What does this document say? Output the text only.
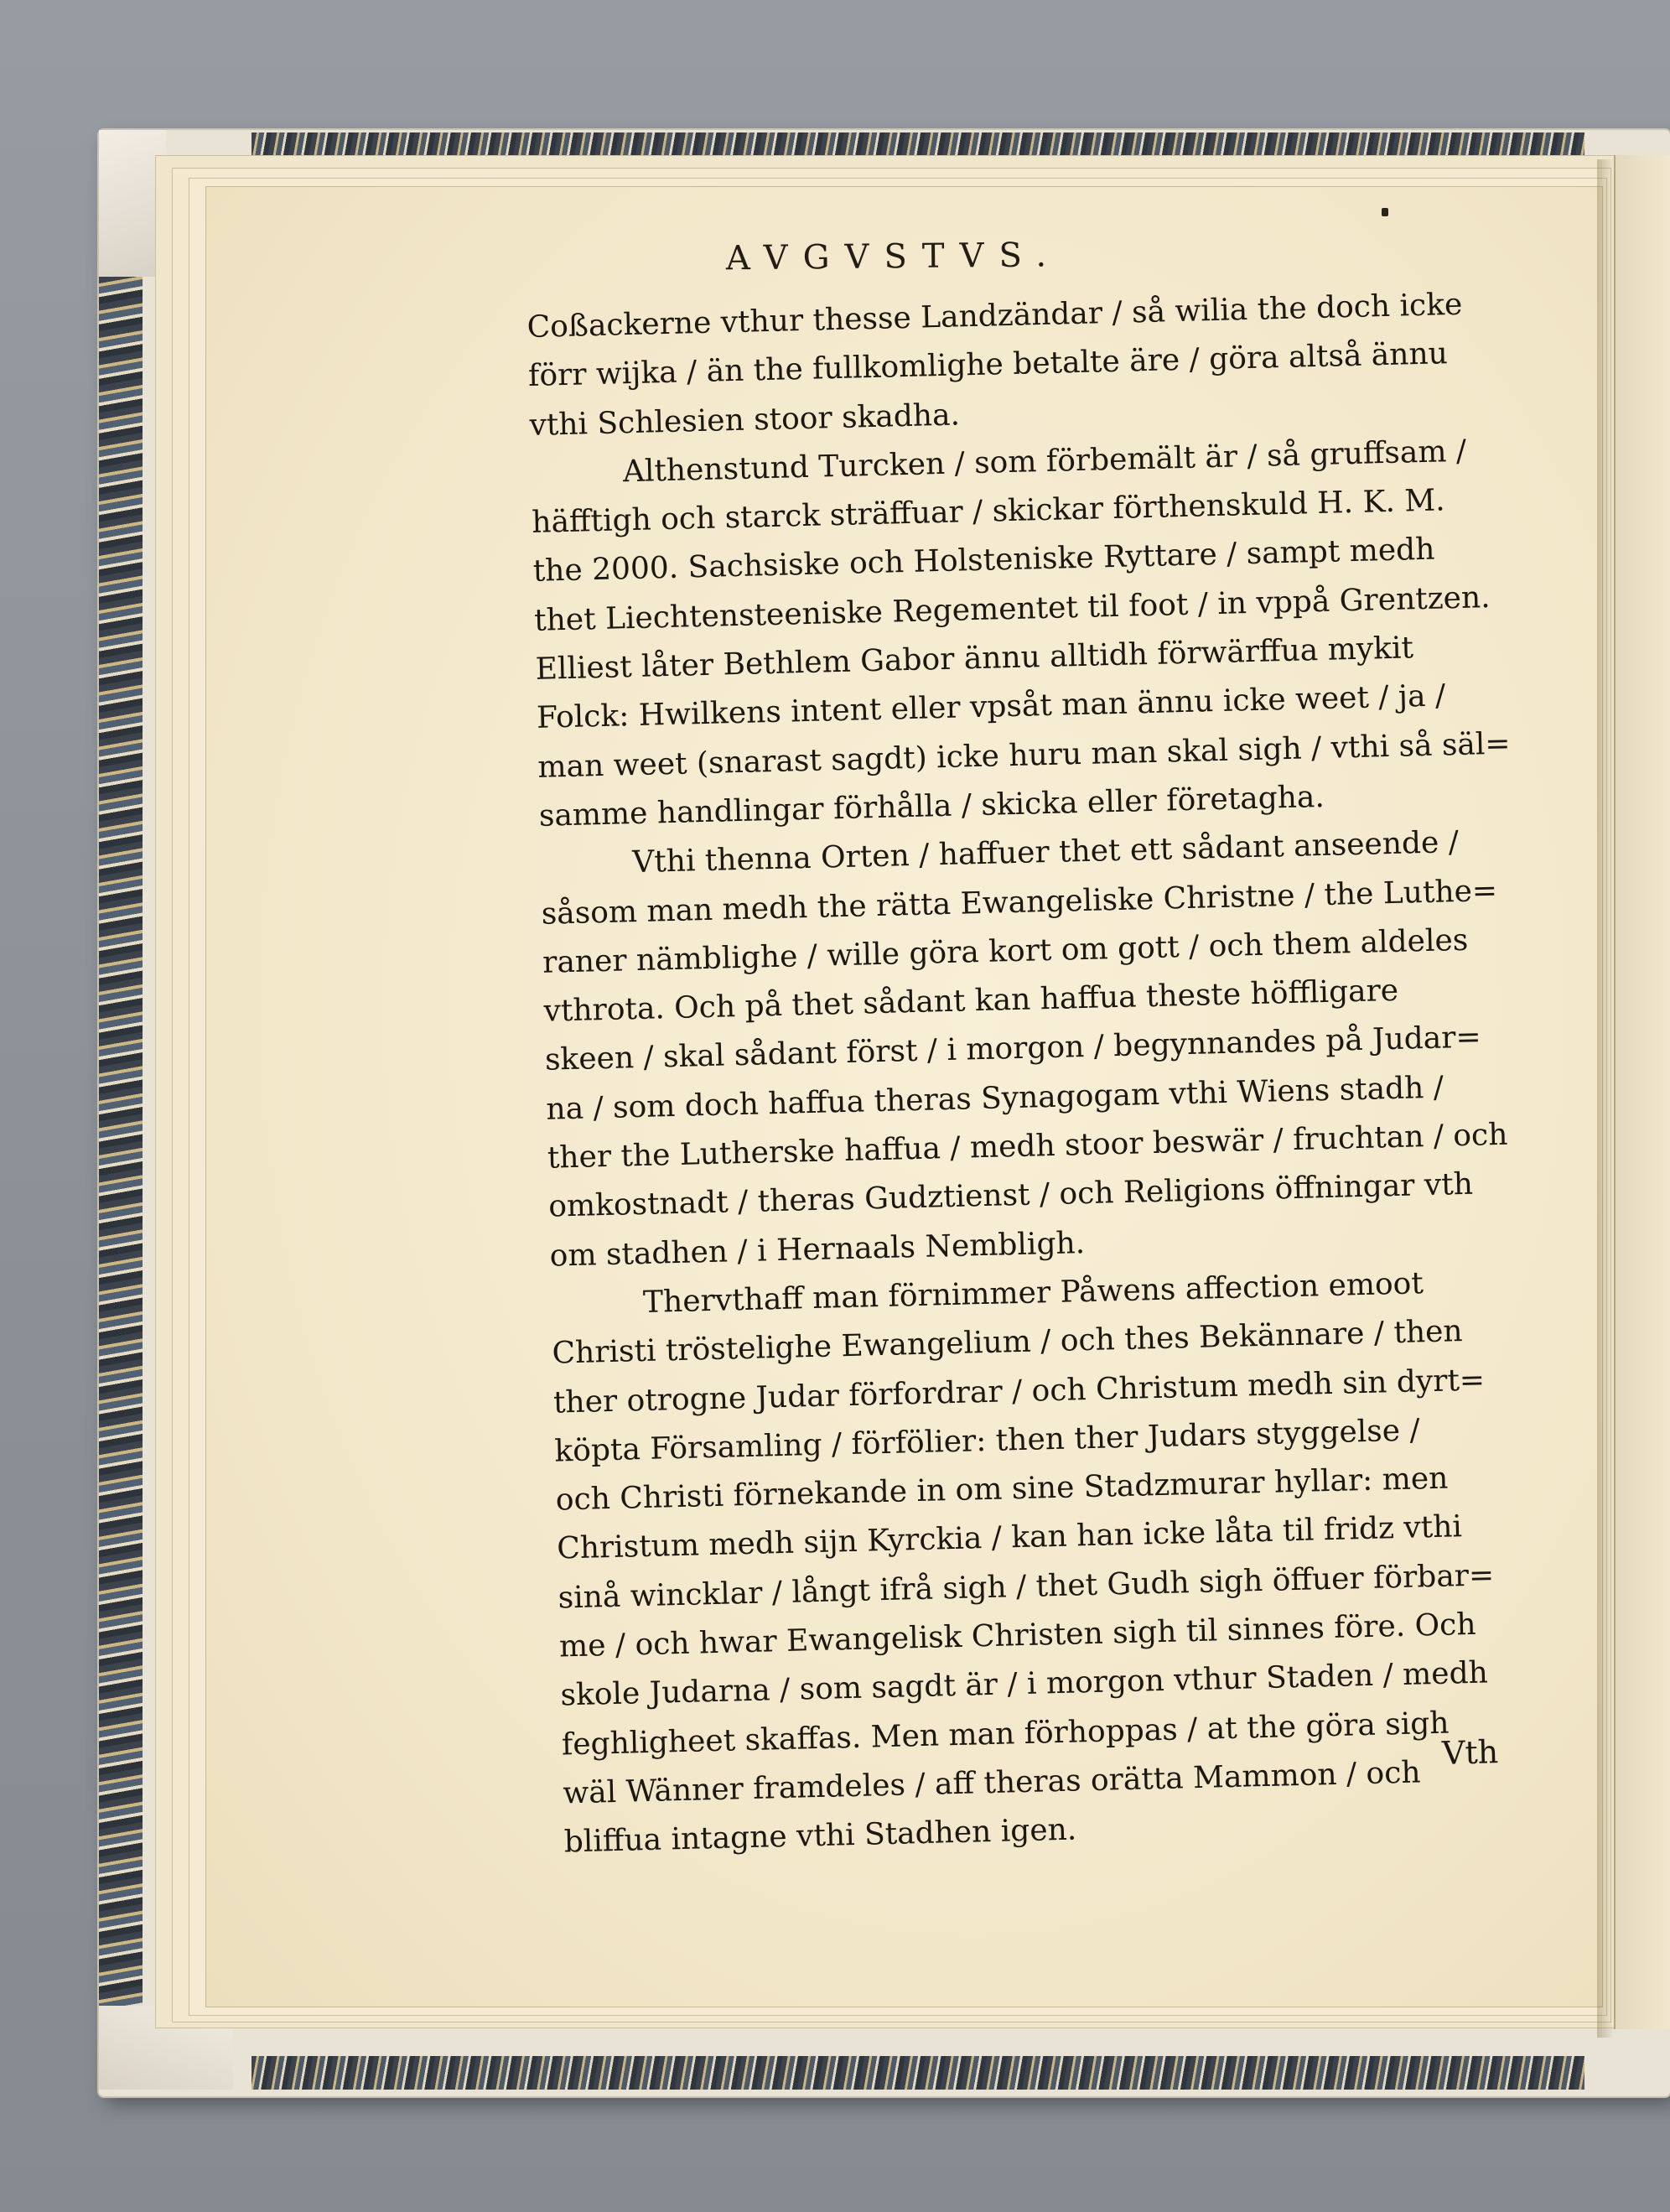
AVGVSTVS.
Coßackerne vthur thesse Landzändar / så wilia the doch icke
förr wijka / än the fullkomlighe betalte äre / göra altså ännu
vthi Schlesien stoor skadha.
Althenstund Turcken / som förbemält är / så gruffsam /
häfftigh och starck sträffuar / skickar förthenskuld H. K. M.
the 2000. Sachsiske och Holsteniske Ryttare / sampt medh
thet Liechtensteeniske Regementet til foot / in vppå Grentzen.
Elliest låter Bethlem Gabor ännu alltidh förwärffua mykit
Folck: Hwilkens intent eller vpsåt man ännu icke weet / ja /
man weet (snarast sagdt) icke huru man skal sigh / vthi så säl=
samme handlingar förhålla / skicka eller företagha.
Vthi thenna Orten / haffuer thet ett sådant anseende /
såsom man medh the rätta Ewangeliske Christne / the Luthe=
raner nämblighe / wille göra kort om gott / och them aldeles
vthrota. Och på thet sådant kan haffua theste höffligare
skeen / skal sådant först / i morgon / begynnandes på Judar=
na / som doch haffua theras Synagogam vthi Wiens stadh /
ther the Lutherske haffua / medh stoor beswär / fruchtan / och
omkostnadt / theras Gudztienst / och Religions öffningar vth
om stadhen / i Hernaals Nembligh.
Thervthaff man förnimmer Påwens affection emoot
Christi tröstelighe Ewangelium / och thes Bekännare / then
ther otrogne Judar förfordrar / och Christum medh sin dyrt=
köpta Församling / förfölier: then ther Judars styggelse /
och Christi förnekande in om sine Stadzmurar hyllar: men
Christum medh sijn Kyrckia / kan han icke låta til fridz vthi
sinå wincklar / långt ifrå sigh / thet Gudh sigh öffuer förbar=
me / och hwar Ewangelisk Christen sigh til sinnes före. Och
skole Judarna / som sagdt är / i morgon vthur Staden / medh
feghligheet skaffas. Men man förhoppas / at the göra sigh
wäl Wänner framdeles / aff theras orätta Mammon / och
bliffua intagne vthi Stadhen igen.
Vth
